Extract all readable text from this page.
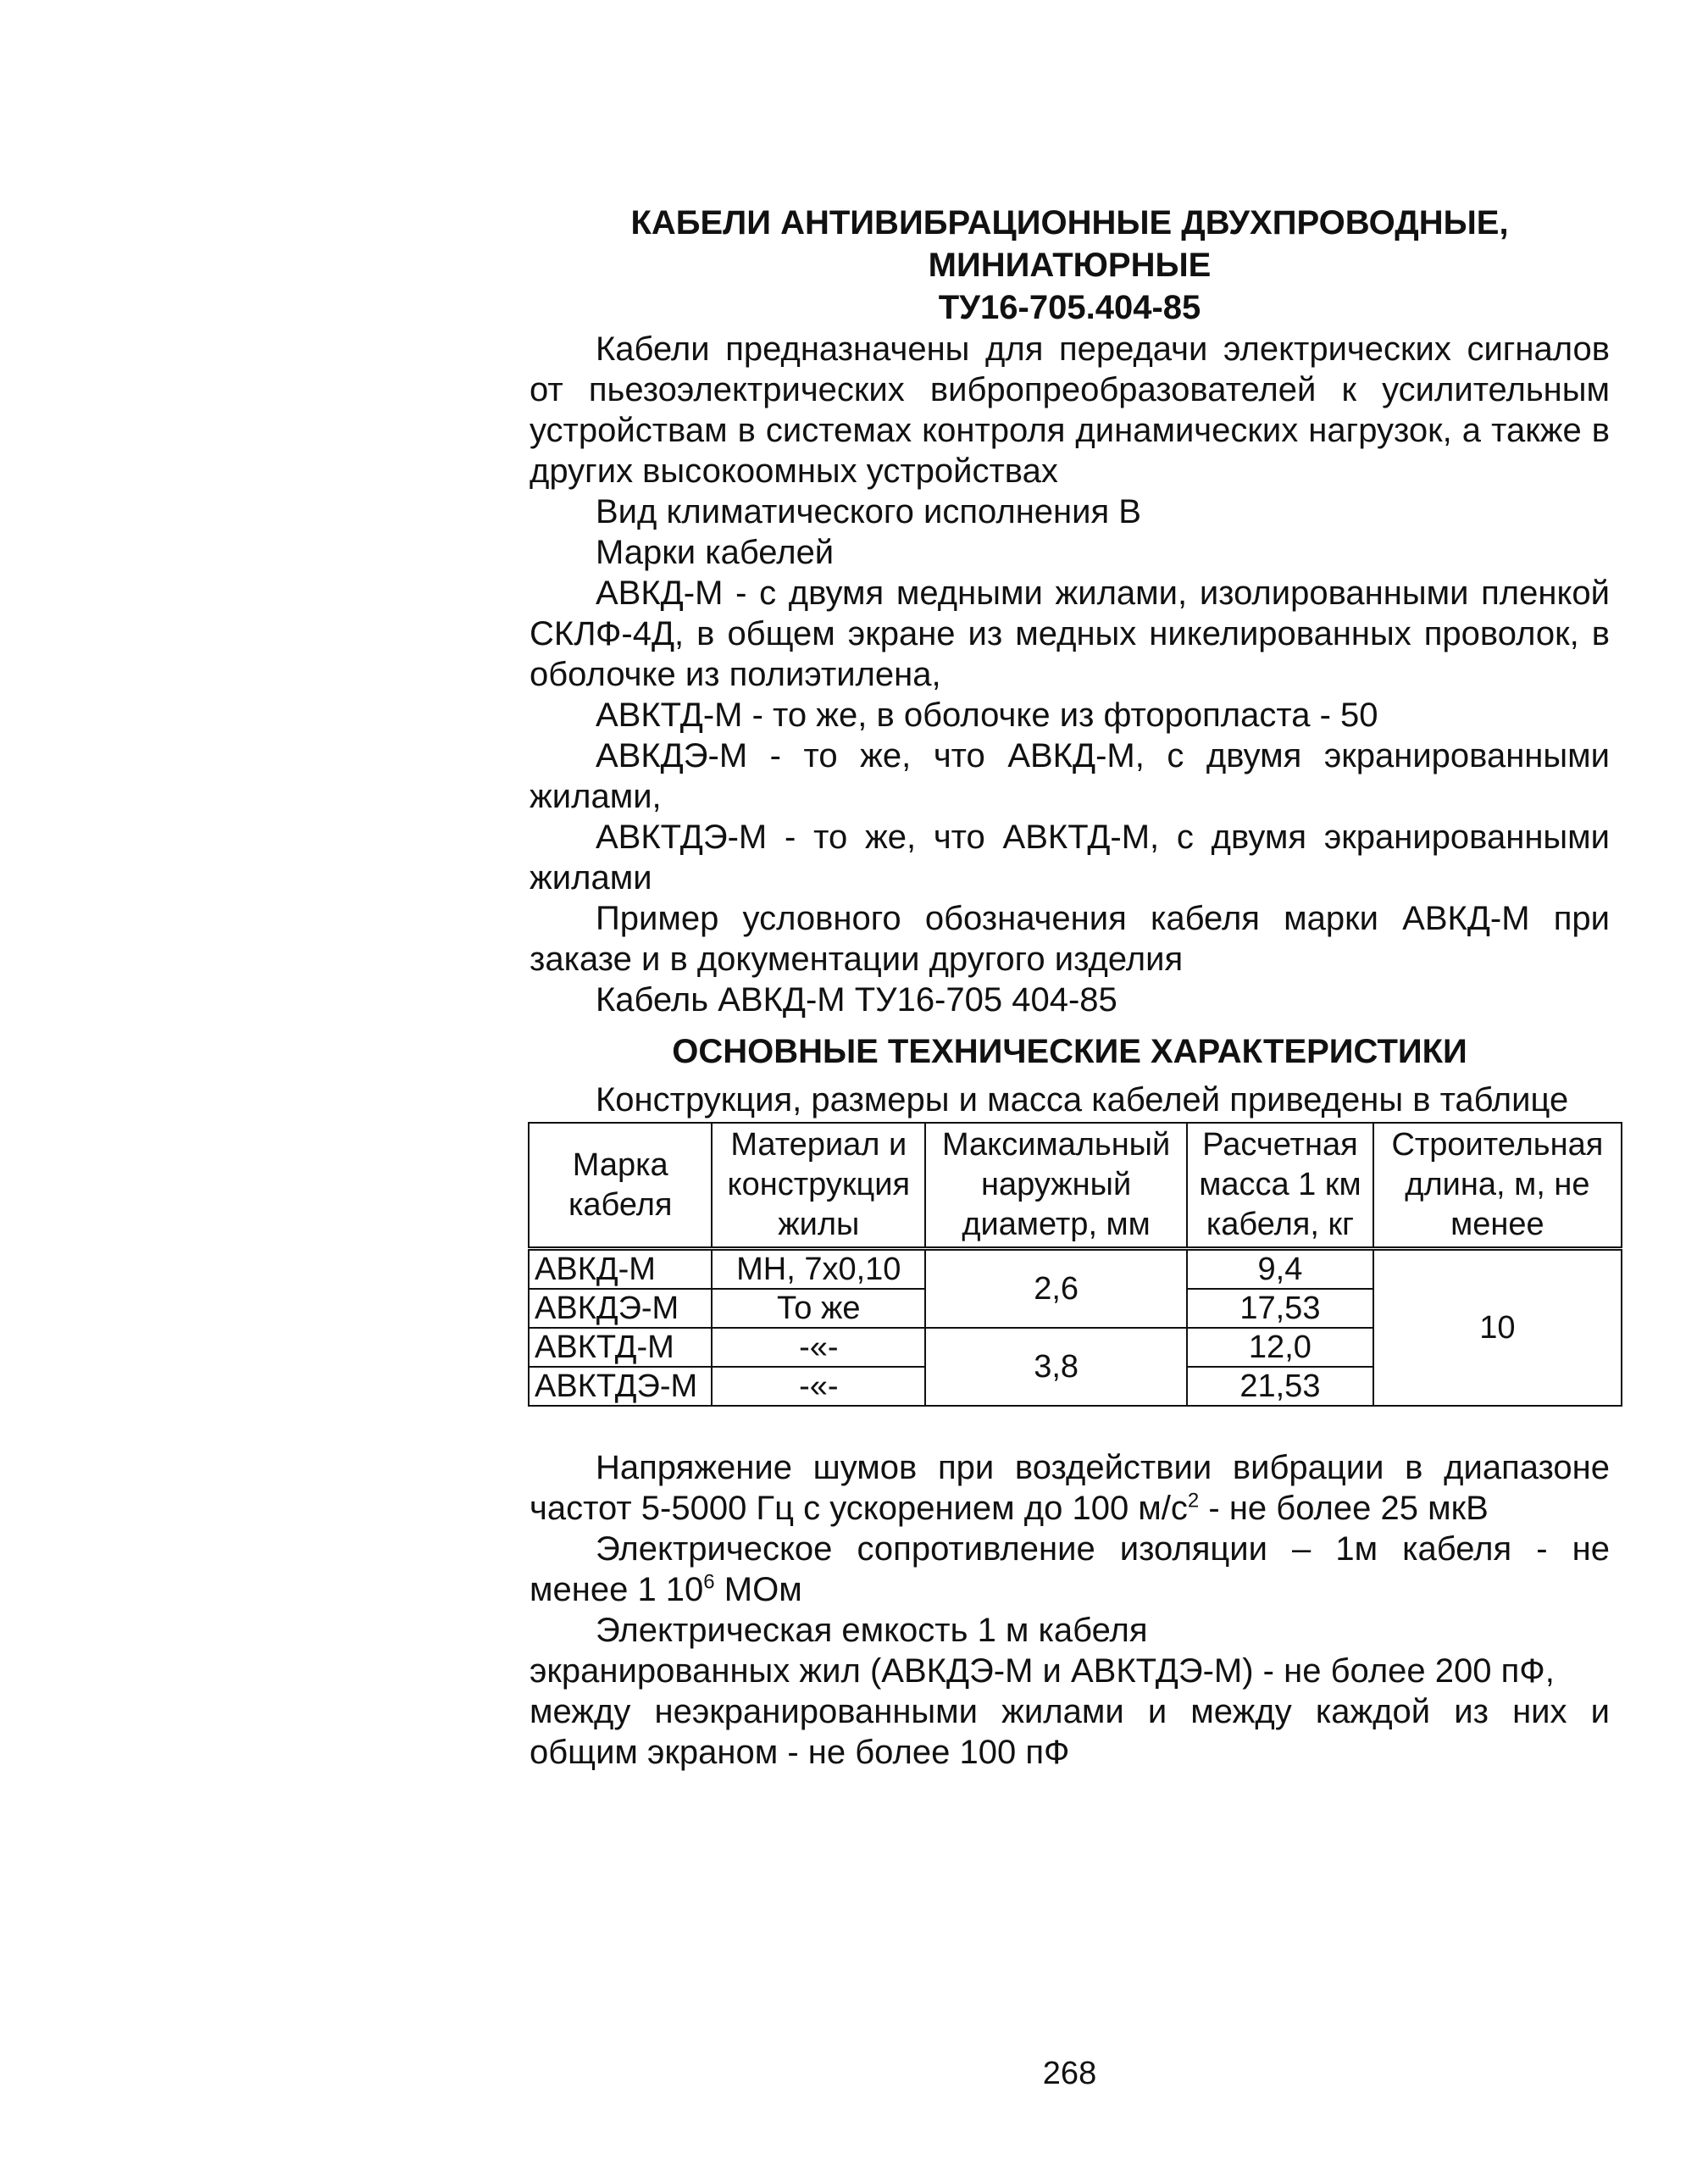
КАБЕЛИ АНТИВИБРАЦИОННЫЕ ДВУХПРОВОДНЫЕ,
МИНИАТЮРНЫЕ
ТУ16-705.404-85

Кабели предназначены для передачи электрических сигналов от пьезоэлектрических вибропреобразователей к усилительным устройствам в системах контроля динамических нагрузок, а также в других высокоомных устройствах

Вид климатического исполнения В

Марки кабелей

АВКД-М - с двумя медными жилами, изолированными пленкой СКЛФ-4Д, в общем экране из медных никелированных проволок, в оболочке из полиэтилена,

АВКТД-М - то же, в оболочке из фторопласта - 50

АВКДЭ-М - то же, что АВКД-М, с двумя экранированными жилами,

АВКТДЭ-М - то же, что АВКТД-М, с двумя экранированными жилами

Пример условного обозначения кабеля марки АВКД-М при заказе и в документации другого изделия

Кабель АВКД-М ТУ16-705 404-85

ОСНОВНЫЕ ТЕХНИЧЕСКИЕ ХАРАКТЕРИСТИКИ

Конструкция, размеры и масса кабелей приведены в таблице

Марка кабеля	Материал и конструкция жилы	Максимальный наружный диаметр, мм	Расчетная масса 1 км кабеля, кг	Строительная длина, м, не менее
АВКД-М	МН, 7х0,10	2,6	9,4	10
АВКДЭ-М	То же		17,53	
АВКТД-М	-«-	3,8	12,0	
АВКТДЭ-М	-«-		21,53	

Напряжение шумов при воздействии вибрации в диапазоне частот 5-5000 Гц с ускорением до 100 $м/с^2$ - не более 25 мкВ

Электрическое сопротивление изоляции – 1м кабеля - не менее 1 $10^6$ МОм

Электрическая емкость 1 м кабеля

экранированных жил (АВКДЭ-М и АВКТДЭ-М) - не более 200 пФ,

между неэкранированными жилами и между каждой из них и общим экраном - не более 100 пФ

268
